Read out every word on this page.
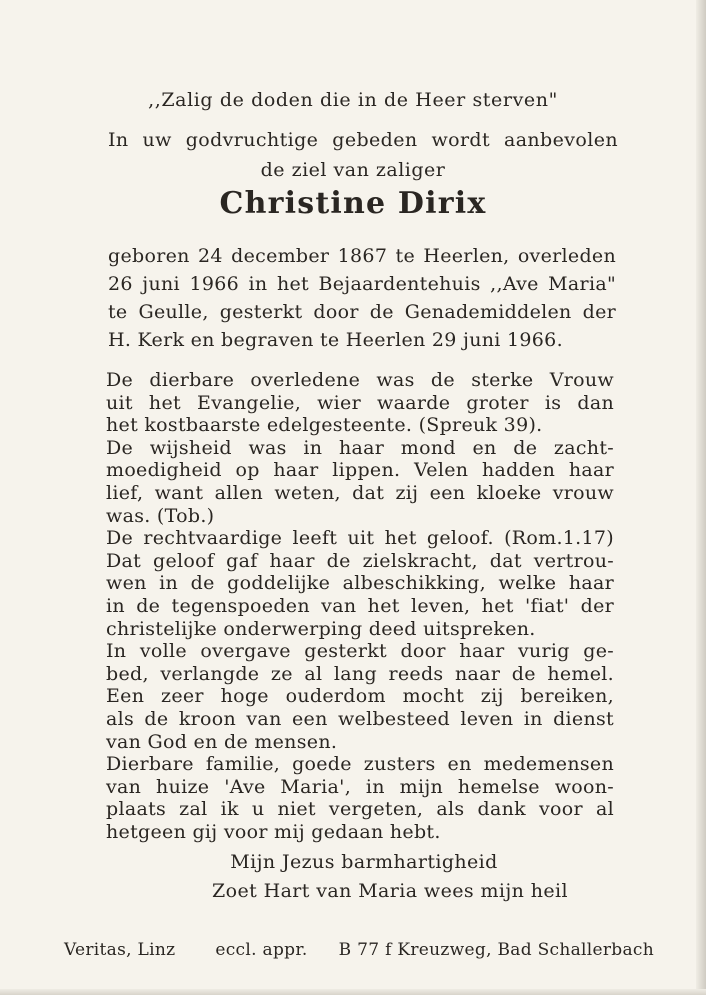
,,Zalig de doden die in de Heer sterven"

In uw godvruchtige gebeden wordt aanbevolen

de ziel van zaliger

Christine Dirix
geboren 24 december 1867 te Heerlen, overleden
26 juni 1966 in het Bejaardentehuis ,,Ave Maria"
te Geulle, gesterkt door de Genademiddelen der
H. Kerk en begraven te Heerlen 29 juni 1966.
De dierbare overledene was de sterke Vrouw
uit het Evangelie, wier waarde groter is dan
het kostbaarste edelgesteente. (Spreuk 39).
De wijsheid was in haar mond en de zacht-
moedigheid op haar lippen. Velen hadden haar
lief, want allen weten, dat zij een kloeke vrouw
was. (Tob.)
De rechtvaardige leeft uit het geloof. (Rom.1.17)
Dat geloof gaf haar de zielskracht, dat vertrou-
wen in de goddelijke albeschikking, welke haar
in de tegenspoeden van het leven, het 'fiat' der
christelijke onderwerping deed uitspreken.
In volle overgave gesterkt door haar vurig ge-
bed, verlangde ze al lang reeds naar de hemel.
Een zeer hoge ouderdom mocht zij bereiken,
als de kroon van een welbesteed leven in dienst
van God en de mensen.
Dierbare familie, goede zusters en medemensen
van huize 'Ave Maria', in mijn hemelse woon-
plaats zal ik u niet vergeten, als dank voor al
hetgeen gij voor mij gedaan hebt.
Mijn Jezus barmhartigheid
Zoet Hart van Maria wees mijn heil
Veritas, Linz eccl. appr.	B 77 f Kreuzweg, Bad Schallerbach
